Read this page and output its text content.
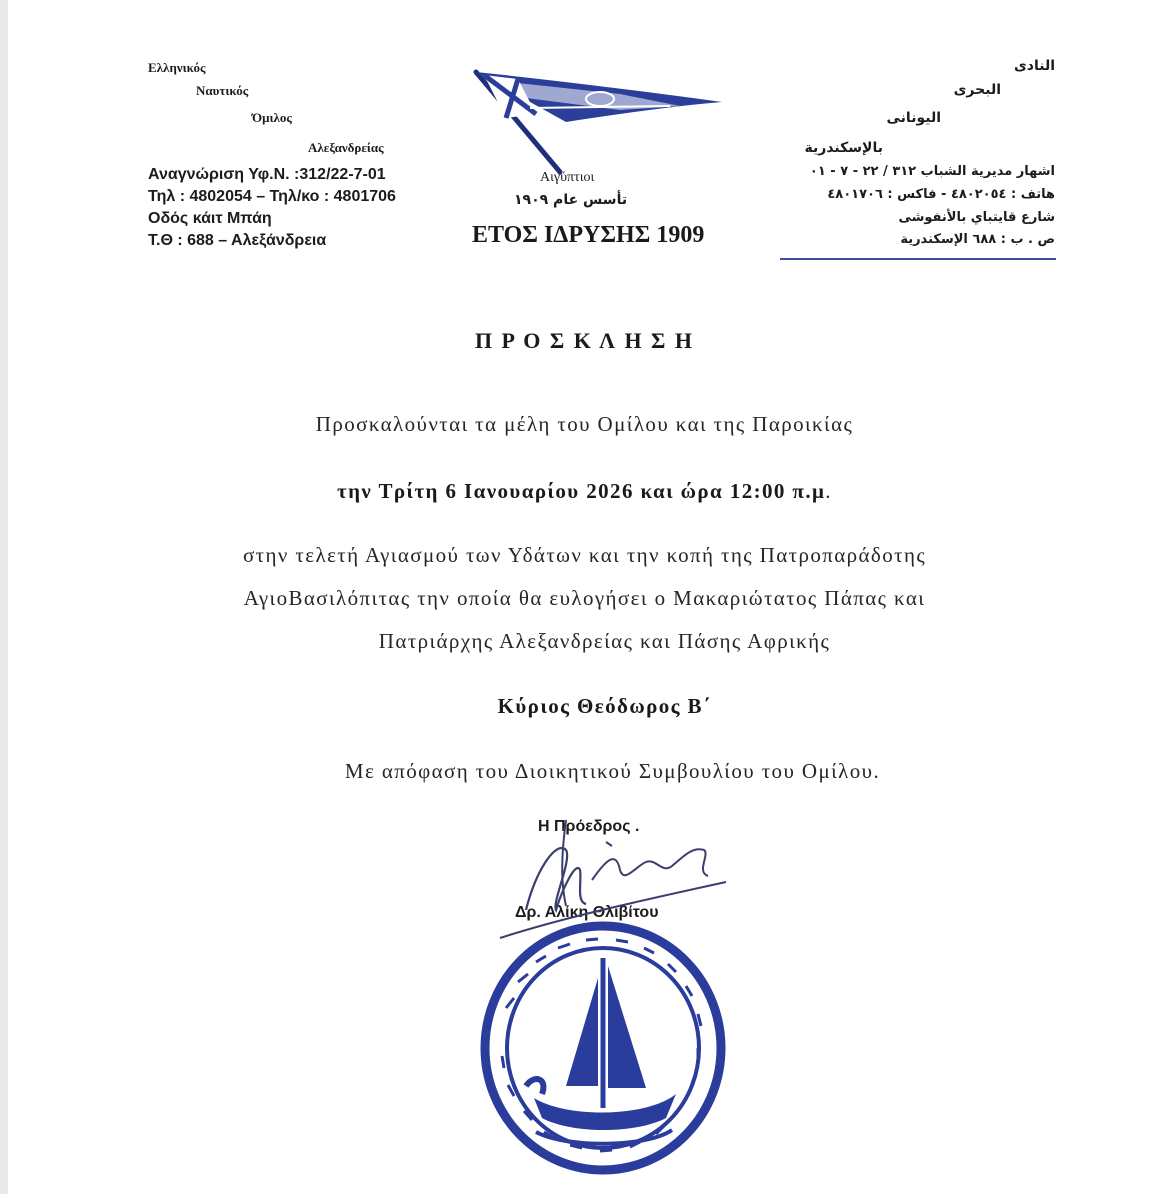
Ελληνικός
Ναυτικός
Όμιλος
Αλεξανδρείας
Αναγνώριση Υφ.Ν. :312/22-7-01
Τηλ : 4802054 – Τηλ/κο : 4801706
Οδός κάιτ Μπάη
Τ.Θ : 688 – Αλεξάνδρεια
Αιγύπτιοι
تأسس عام ١٩٠٩
ΕΤΟΣ ΙΔΡΥΣΗΣ 1909
النادى
البحرى
اليونانى
بالإسكندرية
اشهار مديرية الشباب ٣١٢ / ٢٢ - ٧ - ٠١
هاتف : ٤٨٠٢٠٥٤ - فاكس : ٤٨٠١٧٠٦
شارع قايتباي بالأنفوشى
ص . ب : ٦٨٨ الإسكندرية
Π Ρ Ο Σ Κ Λ Η Σ Η
Προσκαλούνται τα μέλη του Ομίλου και της Παροικίας
την Τρίτη 6 Ιανουαρίου 2026 και ώρα 12:00 π.μ.
στην τελετή Αγιασμού των Υδάτων και την κοπή της Πατροπαράδοτης
ΑγιοΒασιλόπιτας την οποία θα ευλογήσει ο Μακαριώτατος Πάπας και
Πατριάρχης Αλεξανδρείας και Πάσης Αφρικής
Κύριος Θεόδωρος Β΄
Με απόφαση του Διοικητικού Συμβουλίου του Ομίλου.
Η Πρόεδρος .
Δρ. Αλίκη Θλιβίτου
